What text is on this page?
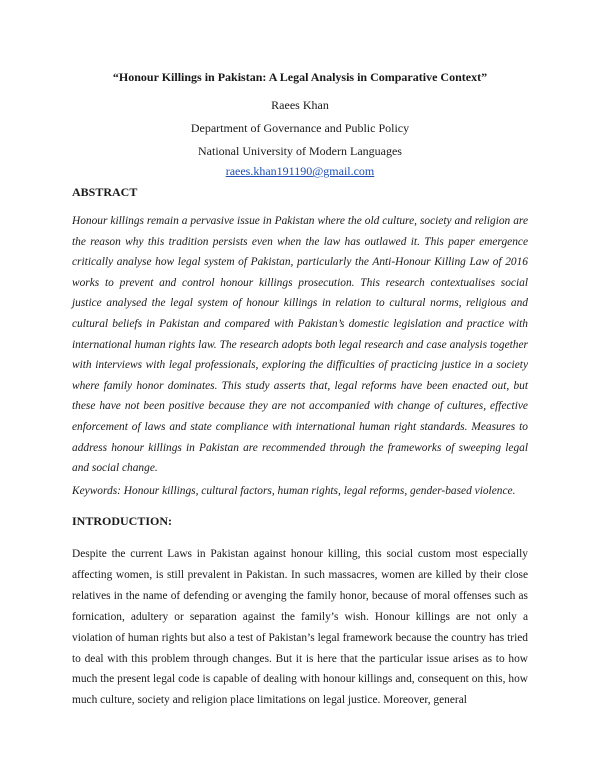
“Honour Killings in Pakistan: A Legal Analysis in Comparative Context”
Raees Khan
Department of Governance and Public Policy
National University of Modern Languages
raees.khan191190@gmail.com
ABSTRACT

Honour killings remain a pervasive issue in Pakistan where the old culture, society and religion are the reason why this tradition persists even when the law has outlawed it. This paper emergence critically analyse how legal system of Pakistan, particularly the Anti-Honour Killing Law of 2016 works to prevent and control honour killings prosecution. This research contextualises social justice analysed the legal system of honour killings in relation to cultural norms, religious and cultural beliefs in Pakistan and compared with Pakistan’s domestic legislation and practice with international human rights law. The research adopts both legal research and case analysis together with interviews with legal professionals, exploring the difficulties of practicing justice in a society where family honor dominates. This study asserts that, legal reforms have been enacted out, but these have not been positive because they are not accompanied with change of cultures, effective enforcement of laws and state compliance with international human right standards. Measures to address honour killings in Pakistan are recommended through the frameworks of sweeping legal and social change.

Keywords: Honour killings, cultural factors, human rights, legal reforms, gender-based violence.

INTRODUCTION:

Despite the current Laws in Pakistan against honour killing, this social custom most especially affecting women, is still prevalent in Pakistan. In such massacres, women are killed by their close relatives in the name of defending or avenging the family honor, because of moral offenses such as fornication, adultery or separation against the family’s wish. Honour killings are not only a violation of human rights but also a test of Pakistan’s legal framework because the country has tried to deal with this problem through changes. But it is here that the particular issue arises as to how much the present legal code is capable of dealing with honour killings and, consequent on this, how much culture, society and religion place limitations on legal justice. Moreover, general
